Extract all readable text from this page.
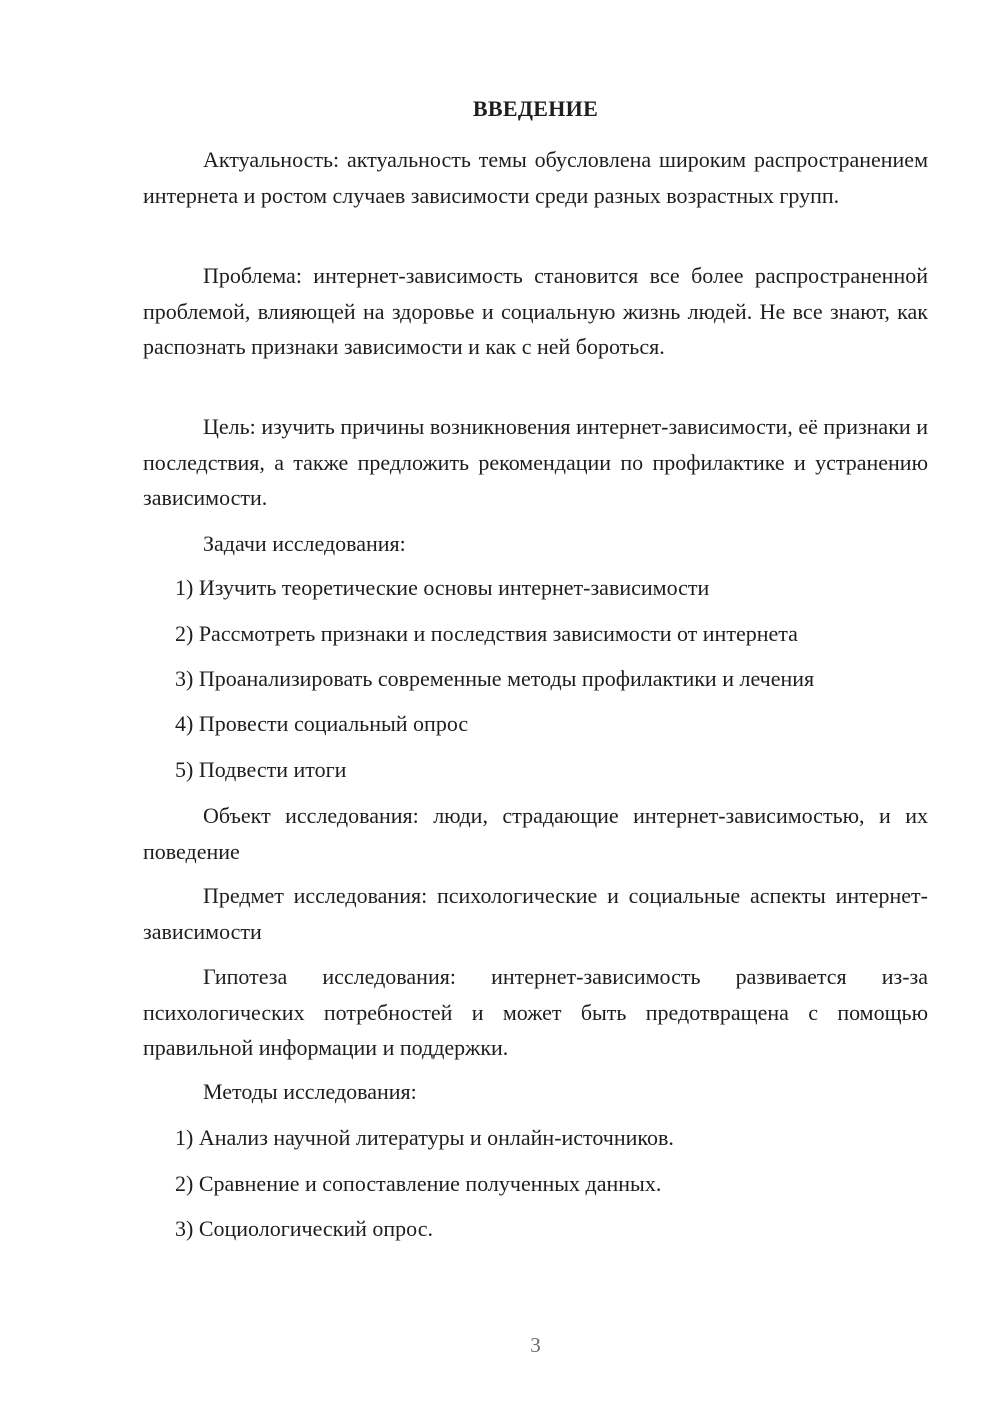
ВВЕДЕНИЕ

Актуальность: актуальность темы обусловлена широким распространением интернета и ростом случаев зависимости среди разных возрастных групп.

Проблема: интернет-зависимость становится все более распространенной проблемой, влияющей на здоровье и социальную жизнь людей. Не все знают, как распознать признаки зависимости и как с ней бороться.

Цель: изучить причины возникновения интернет-зависимости, её признаки и последствия, а также предложить рекомендации по профилактике и устранению зависимости.

Задачи исследования:

1) Изучить теоретические основы интернет-зависимости

2) Рассмотреть признаки и последствия зависимости от интернета

3) Проанализировать современные методы профилактики и лечения

4) Провести социальный опрос

5) Подвести итоги

Объект исследования: люди, страдающие интернет-зависимостью, и их поведение

Предмет исследования: психологические и социальные аспекты интернет-зависимости

Гипотеза исследования: интернет-зависимость развивается из-за психологических потребностей и может быть предотвращена с помощью правильной информации и поддержки.

Методы исследования:

1) Анализ научной литературы и онлайн-источников.

2) Сравнение и сопоставление полученных данных.

3) Социологический опрос.

3
